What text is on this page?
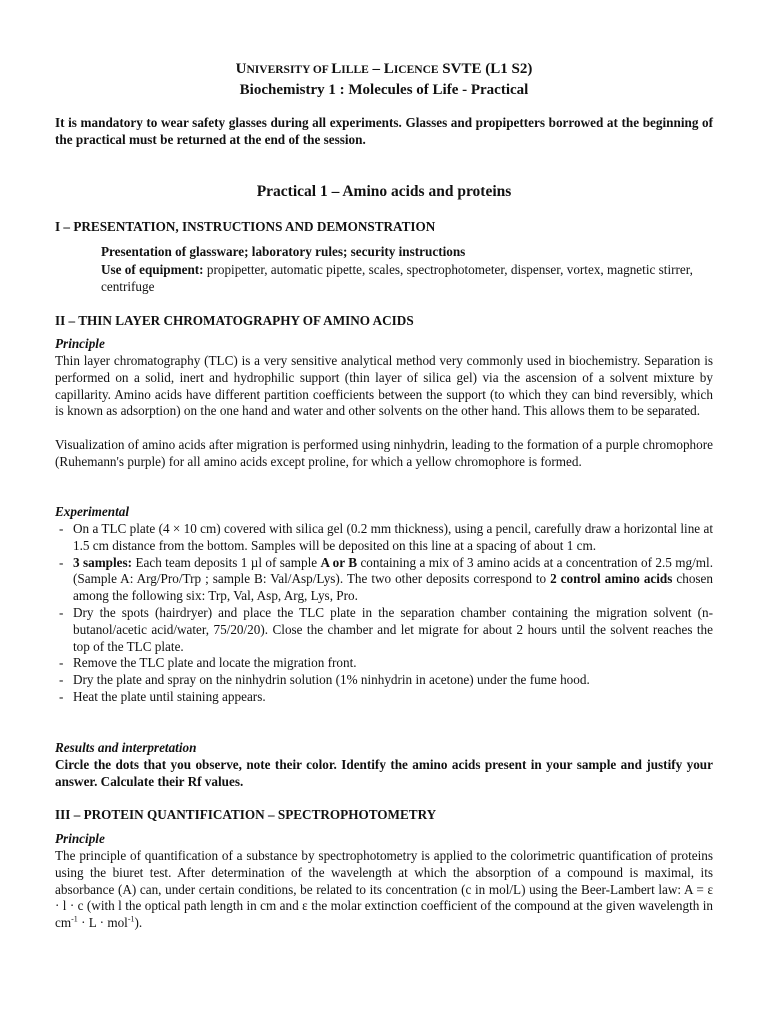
UNIVERSITY OF LILLE – LICENCE SVTE (L1 S2)
Biochemistry 1 : Molecules of Life - Practical
It is mandatory to wear safety glasses during all experiments. Glasses and propipetters borrowed at the beginning of the practical must be returned at the end of the session.
Practical 1 – Amino acids and proteins
I – PRESENTATION, INSTRUCTIONS AND DEMONSTRATION
Presentation of glassware; laboratory rules; security instructions
Use of equipment: propipetter, automatic pipette, scales, spectrophotometer, dispenser, vortex, magnetic stirrer, centrifuge
II – THIN LAYER CHROMATOGRAPHY OF AMINO ACIDS
Principle
Thin layer chromatography (TLC) is a very sensitive analytical method very commonly used in biochemistry. Separation is performed on a solid, inert and hydrophilic support (thin layer of silica gel) via the ascension of a solvent mixture by capillarity. Amino acids have different partition coefficients between the support (to which they can bind reversibly, which is known as adsorption) on the one hand and water and other solvents on the other hand. This allows them to be separated.
Visualization of amino acids after migration is performed using ninhydrin, leading to the formation of a purple chromophore (Ruhemann's purple) for all amino acids except proline, for which a yellow chromophore is formed.
Experimental
- On a TLC plate (4 × 10 cm) covered with silica gel (0.2 mm thickness), using a pencil, carefully draw a horizontal line at 1.5 cm distance from the bottom. Samples will be deposited on this line at a spacing of about 1 cm.
- 3 samples: Each team deposits 1 µl of sample A or B containing a mix of 3 amino acids at a concentration of 2.5 mg/ml. (Sample A: Arg/Pro/Trp ; sample B: Val/Asp/Lys). The two other deposits correspond to 2 control amino acids chosen among the following six: Trp, Val, Asp, Arg, Lys, Pro.
- Dry the spots (hairdryer) and place the TLC plate in the separation chamber containing the migration solvent (n-butanol/acetic acid/water, 75/20/20). Close the chamber and let migrate for about 2 hours until the solvent reaches the top of the TLC plate.
- Remove the TLC plate and locate the migration front.
- Dry the plate and spray on the ninhydrin solution (1% ninhydrin in acetone) under the fume hood.
- Heat the plate until staining appears.
Results and interpretation
Circle the dots that you observe, note their color. Identify the amino acids present in your sample and justify your answer. Calculate their Rf values.
III – PROTEIN QUANTIFICATION – SPECTROPHOTOMETRY
Principle
The principle of quantification of a substance by spectrophotometry is applied to the colorimetric quantification of proteins using the biuret test. After determination of the wavelength at which the absorption of a compound is maximal, its absorbance (A) can, under certain conditions, be related to its concentration (c in mol/L) using the Beer-Lambert law: A = ε · l · c (with l the optical path length in cm and ε the molar extinction coefficient of the compound at the given wavelength in $cm^{-1} \cdot L \cdot mol^{-1}$).
